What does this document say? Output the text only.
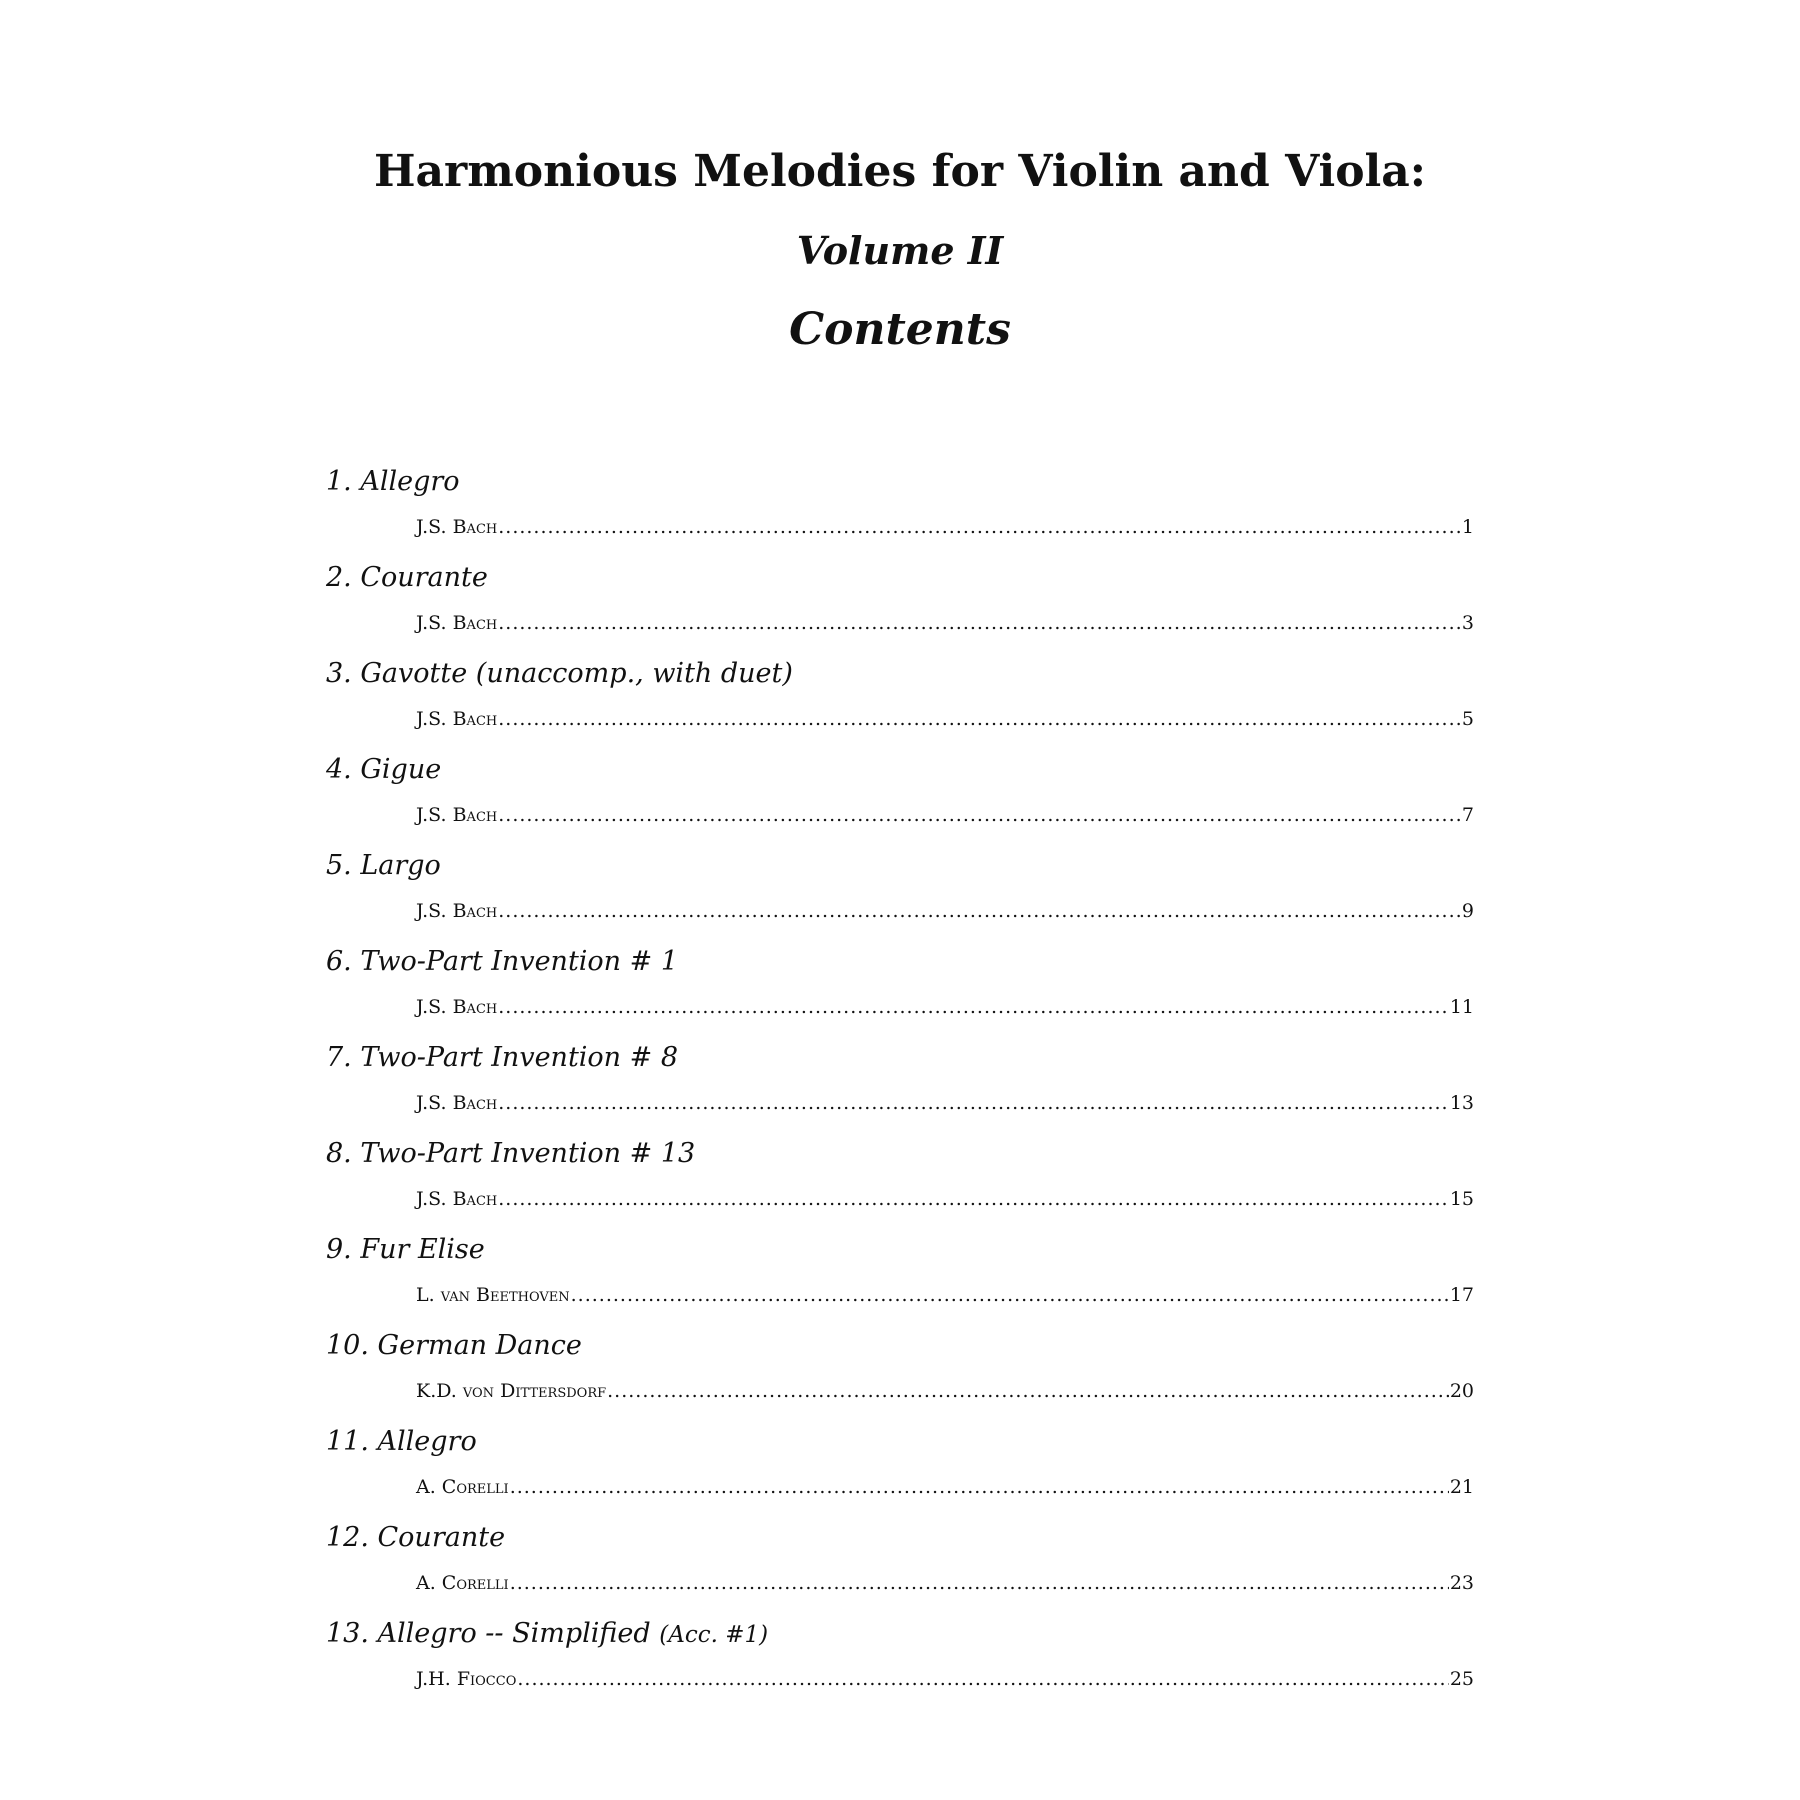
Harmonious Melodies for Violin and Viola:
Volume II
Contents
1. Allegro
J.S. Bach .....	1
2. Courante
J.S. Bach .....	3
3. Gavotte (unaccomp., with duet)
J.S. Bach .....	5
4. Gigue
J.S. Bach .....	7
5. Largo
J.S. Bach .....	9
6. Two-Part Invention # 1
J.S. Bach .....	11
7. Two-Part Invention # 8
J.S. Bach .....	13
8. Two-Part Invention # 13
J.S. Bach .....	15
9. Fur Elise
L. van Beethoven .....	17
10. German Dance
K.D. von Dittersdorf .....	20
11. Allegro
A. Corelli .....	21
12. Courante
A. Corelli .....	23
13. Allegro -- Simplified (Acc. #1)
J.H. Fiocco .....	25
